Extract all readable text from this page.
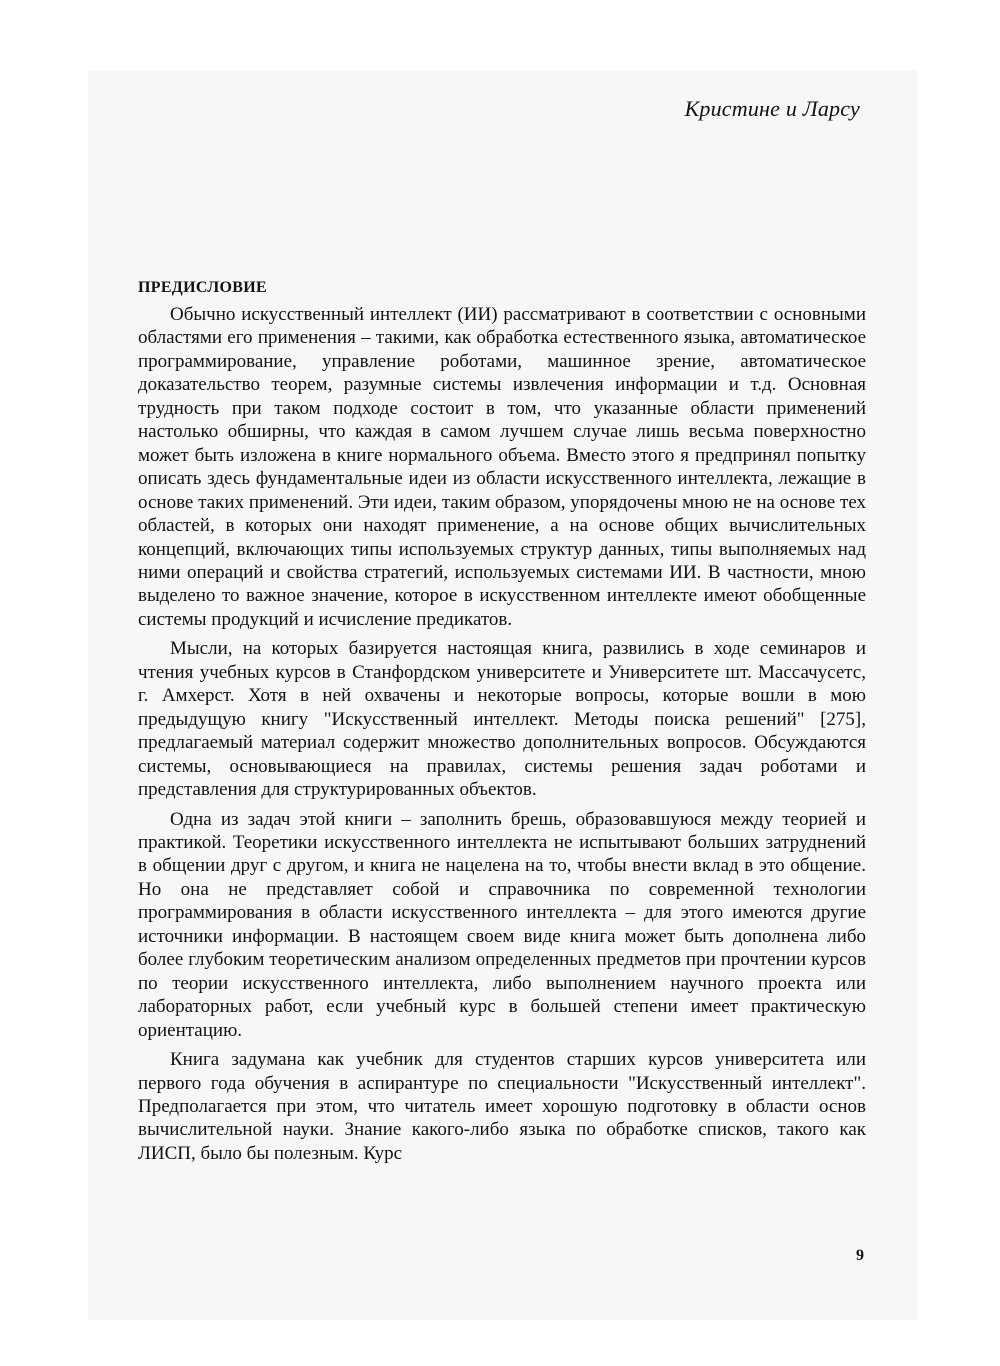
Кристине и Ларсу
ПРЕДИСЛОВИЕ

Обычно искусственный интеллект (ИИ) рассматривают в соответствии с основными областями его применения – такими, как обработка естественного языка, автоматическое программирование, управление роботами, машинное зрение, автоматическое доказательство теорем, разумные системы извлечения информации и т.д. Основная трудность при таком подходе состоит в том, что указанные области применений настолько обширны, что каждая в самом лучшем случае лишь весьма поверхностно может быть изложена в книге нормального объема. Вместо этого я предпринял попытку описать здесь фундаментальные идеи из области искусственного интеллекта, лежащие в основе таких применений. Эти идеи, таким образом, упорядочены мною не на основе тех областей, в которых они находят применение, а на основе общих вычислительных концепций, включающих типы используемых структур данных, типы выполняемых над ними операций и свойства стратегий, используемых системами ИИ. В частности, мною выделено то важное значение, которое в искусственном интеллекте имеют обобщенные системы продукций и исчисление предикатов.

Мысли, на которых базируется настоящая книга, развились в ходе семинаров и чтения учебных курсов в Станфордском университете и Университете шт. Массачусетс, г. Амхерст. Хотя в ней охвачены и некоторые вопросы, которые вошли в мою предыдущую книгу "Искусственный интеллект. Методы поиска решений" [275], предлагаемый материал содержит множество дополнительных вопросов. Обсуждаются системы, основывающиеся на правилах, системы решения задач роботами и представления для структурированных объектов.

Одна из задач этой книги – заполнить брешь, образовавшуюся между теорией и практикой. Теоретики искусственного интеллекта не испытывают больших затруднений в общении друг с другом, и книга не нацелена на то, чтобы внести вклад в это общение. Но она не представляет собой и справочника по современной технологии программирования в области искусственного интеллекта – для этого имеются другие источники информации. В настоящем своем виде книга может быть дополнена либо более глубоким теоретическим анализом определенных предметов при прочтении курсов по теории искусственного интеллекта, либо выполнением научного проекта или лабораторных работ, если учебный курс в большей степени имеет практическую ориентацию.

Книга задумана как учебник для студентов старших курсов университета или первого года обучения в аспирантуре по специальности "Искусственный интеллект". Предполагается при этом, что читатель имеет хорошую подготовку в области основ вычислительной науки. Знание какого-либо языка по обработке списков, такого как ЛИСП, было бы полезным. Курс

9
